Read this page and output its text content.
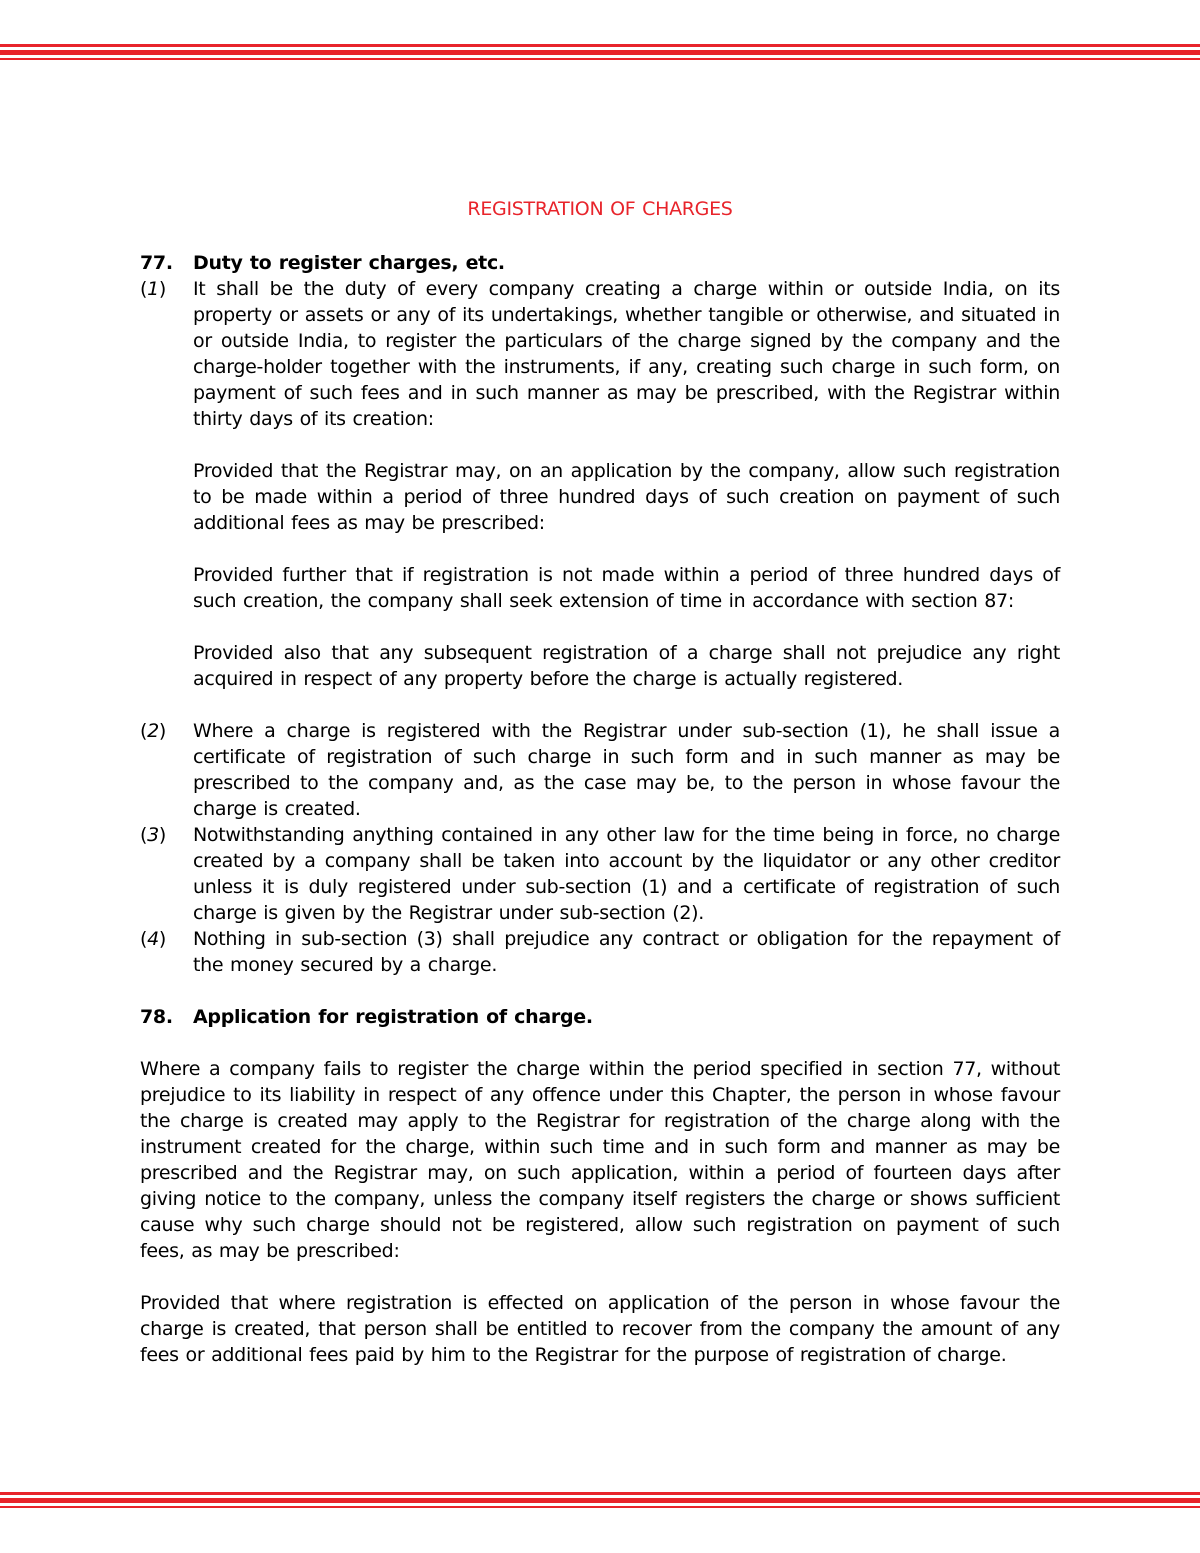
REGISTRATION OF CHARGES
77.	Duty to register charges, etc.
(1)	It shall be the duty of every company creating a charge within or outside India, on its property or assets or any of its undertakings, whether tangible or otherwise, and situated in or outside India, to register the particulars of the charge signed by the company and the charge-holder together with the instruments, if any, creating such charge in such form, on payment of such fees and in such manner as may be prescribed, with the Registrar within thirty days of its creation:

Provided that the Registrar may, on an application by the company, allow such registration to be made within a period of three hundred days of such creation on payment of such additional fees as may be prescribed:

Provided further that if registration is not made within a period of three hundred days of such creation, the company shall seek extension of time in accordance with section 87:

Provided also that any subsequent registration of a charge shall not prejudice any right acquired in respect of any property before the charge is actually registered.

(2)	Where a charge is registered with the Registrar under sub-section (1), he shall issue a certificate of registration of such charge in such form and in such manner as may be prescribed to the company and, as the case may be, to the person in whose favour the charge is created.

(3)	Notwithstanding anything contained in any other law for the time being in force, no charge created by a company shall be taken into account by the liquidator or any other creditor unless it is duly registered under sub-section (1) and a certificate of registration of such charge is given by the Registrar under sub-section (2).

(4)	Nothing in sub-section (3) shall prejudice any contract or obligation for the repayment of the money secured by a charge.

78.	Application for registration of charge.

Where a company fails to register the charge within the period specified in section 77, without prejudice to its liability in respect of any offence under this Chapter, the person in whose favour the charge is created may apply to the Registrar for registration of the charge along with the instrument created for the charge, within such time and in such form and manner as may be prescribed and the Registrar may, on such application, within a period of fourteen days after giving notice to the company, unless the company itself registers the charge or shows sufficient cause why such charge should not be registered, allow such registration on payment of such fees, as may be prescribed:

Provided that where registration is effected on application of the person in whose favour the charge is created, that person shall be entitled to recover from the company the amount of any fees or additional fees paid by him to the Registrar for the purpose of registration of charge.
